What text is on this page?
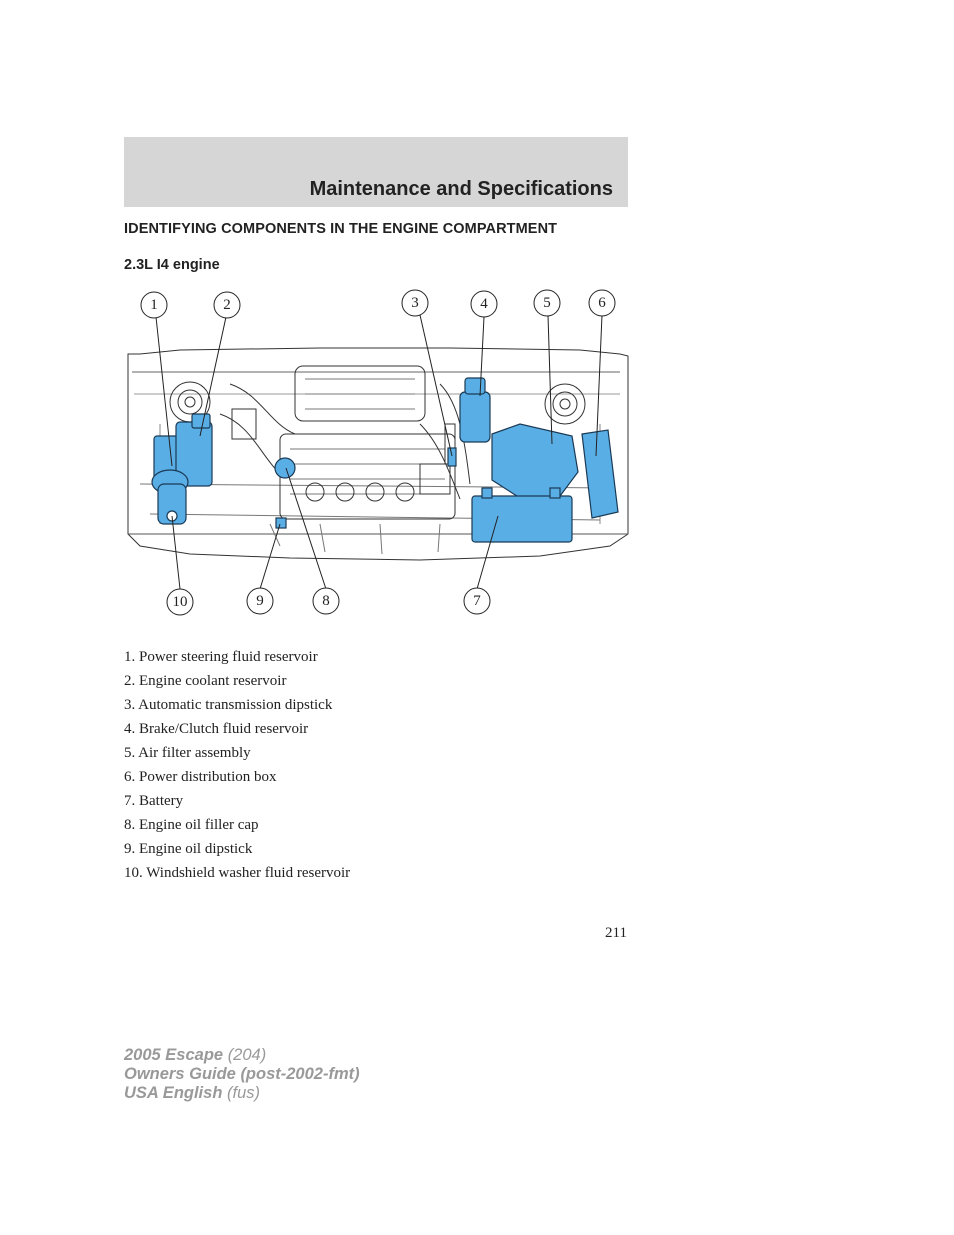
Maintenance and Specifications
IDENTIFYING COMPONENTS IN THE ENGINE COMPARTMENT
2.3L I4 engine
1	2	3	4	5	6
7
8
9
10
1. Power steering fluid reservoir
2. Engine coolant reservoir
3. Automatic transmission dipstick
4. Brake/Clutch fluid reservoir
5. Air filter assembly
6. Power distribution box
7. Battery
8. Engine oil filler cap
9. Engine oil dipstick
10. Windshield washer fluid reservoir
211
2005 Escape (204)
Owners Guide (post-2002-fmt)
USA English (fus)
